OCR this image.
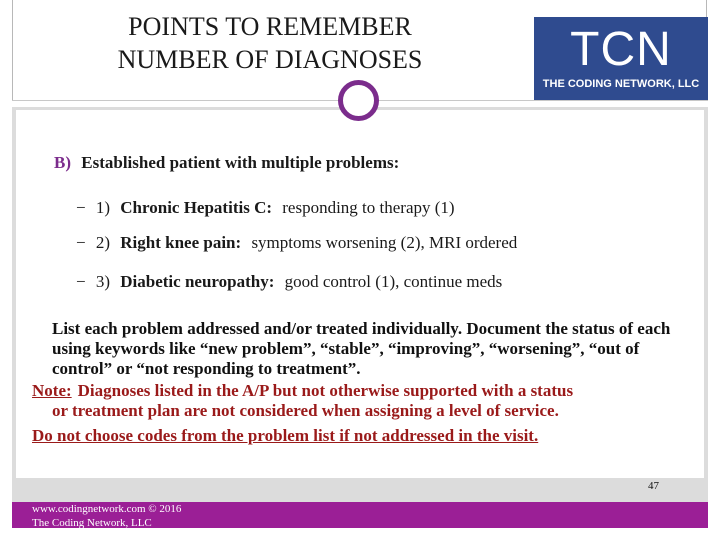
POINTS TO REMEMBER
NUMBER OF DIAGNOSES	TCN
THE CODING NETWORK, LLC
B) Established patient with multiple problems:
− 1) Chronic Hepatitis C: responding to therapy (1)
− 2) Right knee pain: symptoms worsening (2), MRI ordered
− 3) Diabetic neuropathy: good control (1), continue meds
List each problem addressed and/or treated individually. Document the status of each using keywords like “new problem”, “stable”, “improving”, “worsening”, “out of control” or “not responding to treatment”.
Note: Diagnoses listed in the A/P but not otherwise supported with a status
or treatment plan are not considered when assigning a level of service.
Do not choose codes from the problem list if not addressed in the visit.
47
www.codingnetwork.com © 2016
The Coding Network, LLC
